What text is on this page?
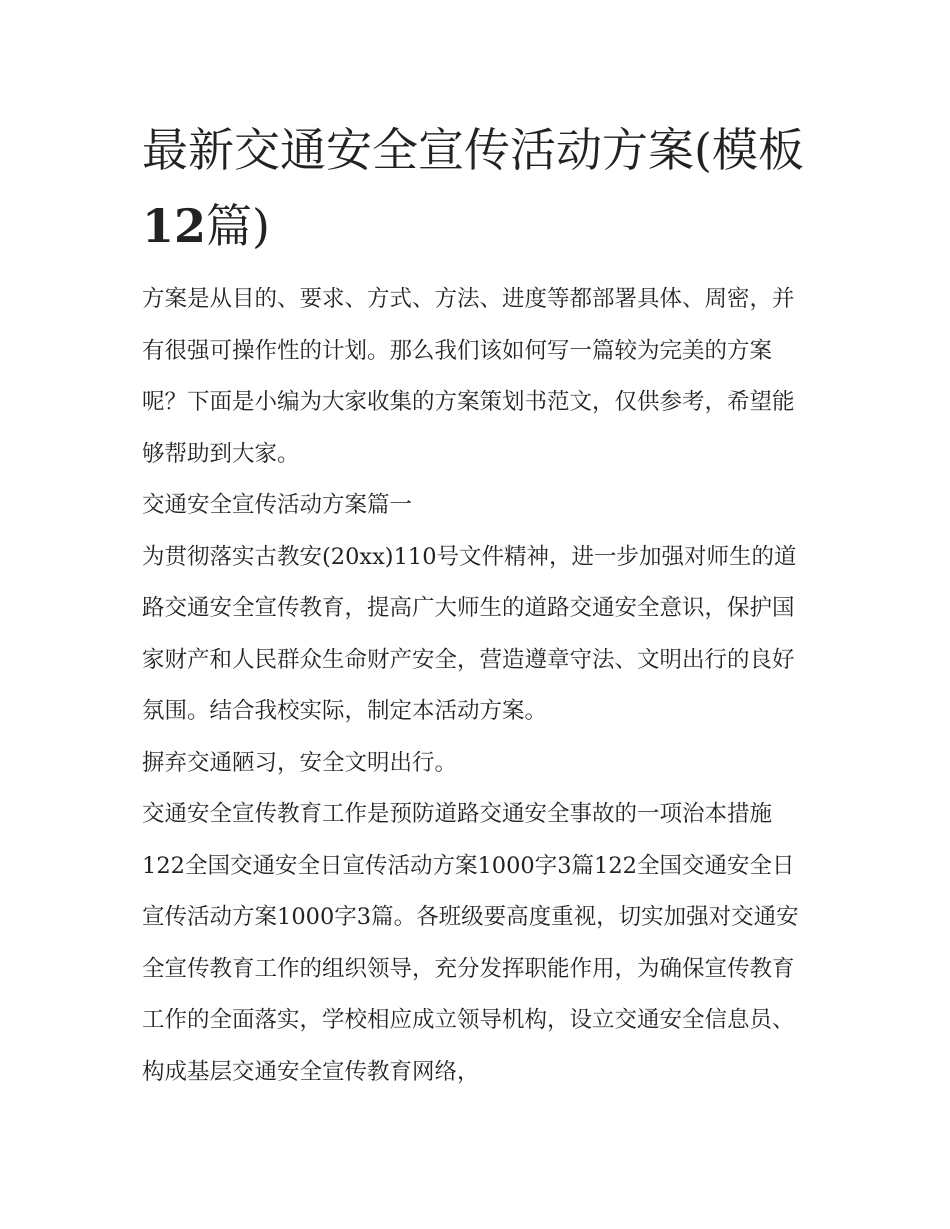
最新交通安全宣传活动方案(模板12篇)

方案是从目的、要求、方式、方法、进度等都部署具体、周密，并有很强可操作性的计划。那么我们该如何写一篇较为完美的方案呢？下面是小编为大家收集的方案策划书范文，仅供参考，希望能够帮助到大家。

交通安全宣传活动方案篇一

为贯彻落实古教安(20xx)110号文件精神，进一步加强对师生的道路交通安全宣传教育，提高广大师生的道路交通安全意识，保护国家财产和人民群众生命财产安全，营造遵章守法、文明出行的良好氛围。结合我校实际，制定本活动方案。

摒弃交通陋习，安全文明出行。

交通安全宣传教育工作是预防道路交通安全事故的一项治本措施122全国交通安全日宣传活动方案1000字3篇122全国交通安全日宣传活动方案1000字3篇。各班级要高度重视，切实加强对交通安全宣传教育工作的组织领导，充分发挥职能作用，为确保宣传教育工作的全面落实，学校相应成立领导机构，设立交通安全信息员、构成基层交通安全宣传教育网络，
